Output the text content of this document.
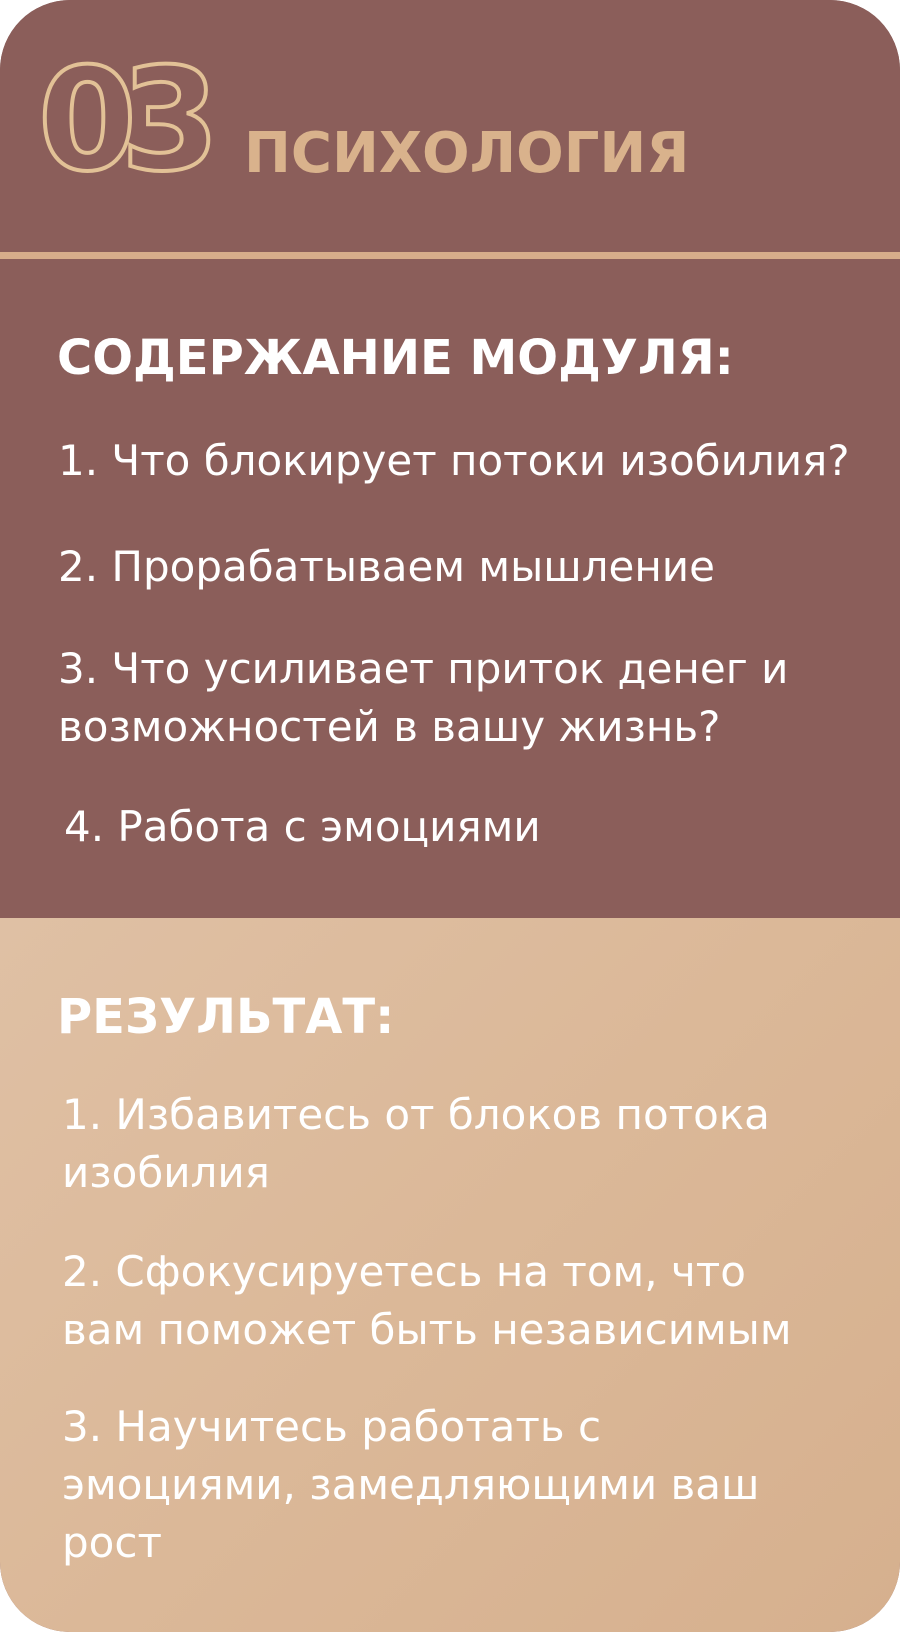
03 ПСИХОЛОГИЯ
СОДЕРЖАНИЕ МОДУЛЯ:
1. Что блокирует потоки изобилия?
2. Прорабатываем мышление
3. Что усиливает приток денег и
возможностей в вашу жизнь?
4. Работа с эмоциями
РЕЗУЛЬТАТ:
1. Избавитесь от блоков потока
изобилия
2. Сфокусируетесь на том, что
вам поможет быть независимым
3. Научитесь работать с
эмоциями, замедляющими ваш
рост
